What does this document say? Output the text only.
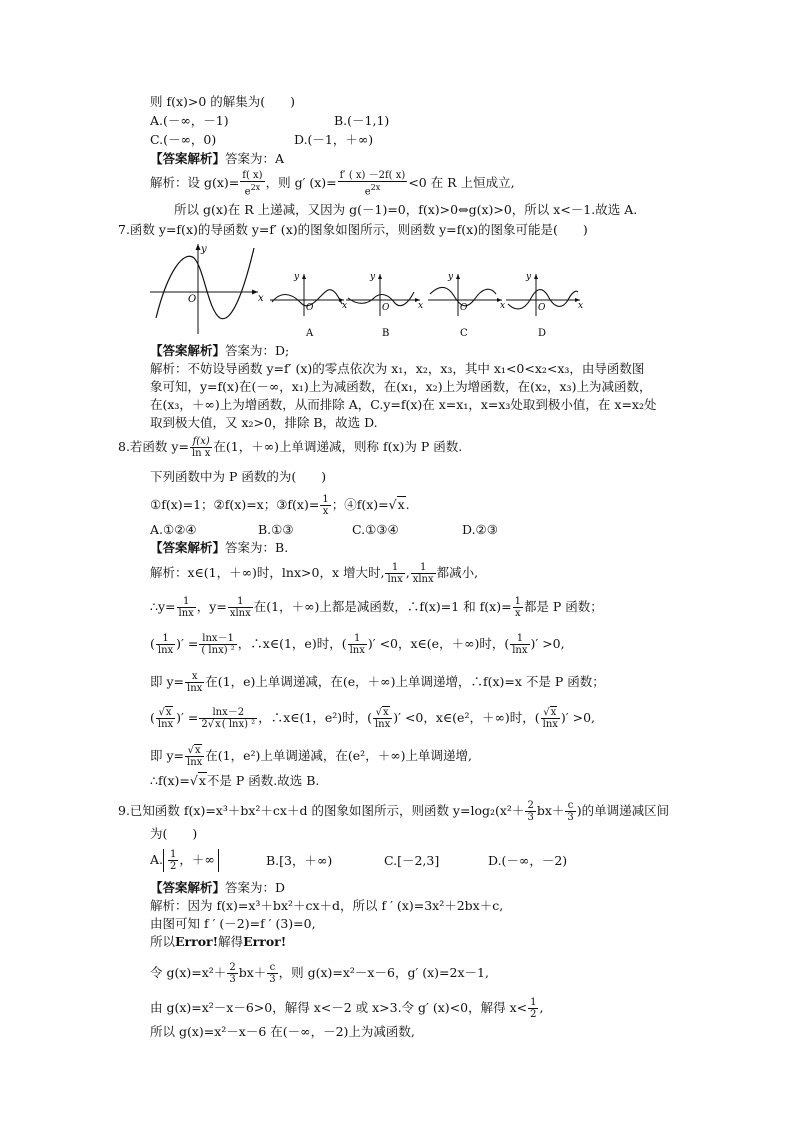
则 f(x)>0 的解集为(　　)
A.(－∞，－1)	B.(－1,1)
C.(－∞，0)	D.(－1，＋∞)
【答案解析】答案为：A
解析：设 $g(x)= \frac{f( x)}{e^{2x}}$ ，则 g′ $(x)= \frac{f' ( x) -2f( x)}{e^{2x}} <0$ 在 R 上恒成立,
所以 g(x)在 R 上递减，又因为 g(－1)=0，f(x)>0⇔g(x)>0，所以 x<－1.故选 A.
7.函数 y=f(x)的导函数 y=f′ (x)的图象如图所示，则函数 y=f(x)的图象可能是(　　)
y
x
O
y
x
O
A
y
x
O
B
y
x
O
C
y
x
O
D
【答案解析】答案为：D;
解析：不妨设导函数 y=f′ (x)的零点依次为 x₁，x₂，x₃，其中 x₁<0<x₂<x₃，由导函数图
象可知，y=f(x)在(－∞，x₁)上为减函数，在(x₁，x₂)上为增函数，在(x₂，x₃)上为减函数，
在(x₃，＋∞)上为增函数，从而排除 A，C.y=f(x)在 x=x₁，x=x₃处取到极小值，在 x=x₂处
取到极大值，又 x₂>0，排除 B，故选 D.
8.若函数 $y= \frac{f(x)}{\text{ln x}}$ 在(1，＋∞)上单调递减，则称 f(x)为 P 函数.
下列函数中为 P 函数的为(　　)
①f(x)=1；②f(x)=x；③f(x)= $\frac{1}{x}$ ；④f(x)=√x.
A.①②④	B.①③	C.①③④	D.②③
【答案解析】答案为：B.
解析：x∈(1，＋∞)时，lnx>0，x 增大时, $\frac{1}{\ln x}$ , $\frac{1}{xlnx}$ 都减小,
∴y= $\frac{1}{\ln x}$ ，$y= \frac{1}{xlnx}$ 在(1，＋∞)上都是减函数，∴f(x)=1 和 $f(x)= \frac{1}{x}$ 都是 P 函数；
( $\frac{1}{\ln x}$ )′ = $\frac{\ln x-1}{\text{( lnx) ²}}$ ，∴x∈(1，e)时，( $\frac{1}{\ln x}$ )′ <0，x∈(e，＋∞)时，( $\frac{1}{\ln x}$ )′ >0,
即 $y= \frac{x}{\ln x}$ 在(1，e)上单调递减，在(e，＋∞)上单调递增，∴f(x)=x 不是 P 函数；
( $\frac{√x}{\ln x}$ )′ = $\frac{\ln x-2}{\text{2√x( lnx) ²}}$ ，∴x∈(1，e²)时，( $\frac{√x}{\ln x}$ )′ <0，x∈(e²，＋∞)时，( $\frac{√x}{\ln x}$ )′ >0,
即 $y= \frac{√x}{\ln x}$ 在(1，e²)上单调递减，在(e²，＋∞)上单调递增,
∴f(x)=√x不是 P 函数.故选 B.
9.已知函数 f(x)=x³＋bx²＋cx＋d 的图象如图所示，则函数 $y=\log_2(x^2+ \frac{2}{3} bx+ \frac{c}{3}$ )的单调递减区间
为(　　)
A. $\frac{1}{2}$ ，＋∞	B.[3，＋∞)	C.[－2,3]	D.(－∞，－2)
【答案解析】答案为：D
解析：因为 f(x)=x³＋bx²＋cx＋d，所以 f ′ (x)=3x²＋2bx＋c,
由图可知 f ′ (－2)=f ′ (3)=0,
所以Error!解得Error!
令 $g(x)=x^2+ \frac{2}{3} bx+ \frac{c}{3}$ ，则 g(x)=x²－x－6，g′ (x)=2x－1,
由 g(x)=x²－x－6>0，解得 x<－2 或 x>3.令 g′ (x)<0，解得 $x< \frac{1}{2}$ ,
所以 g(x)=x²－x－6 在(－∞，－2)上为减函数,
